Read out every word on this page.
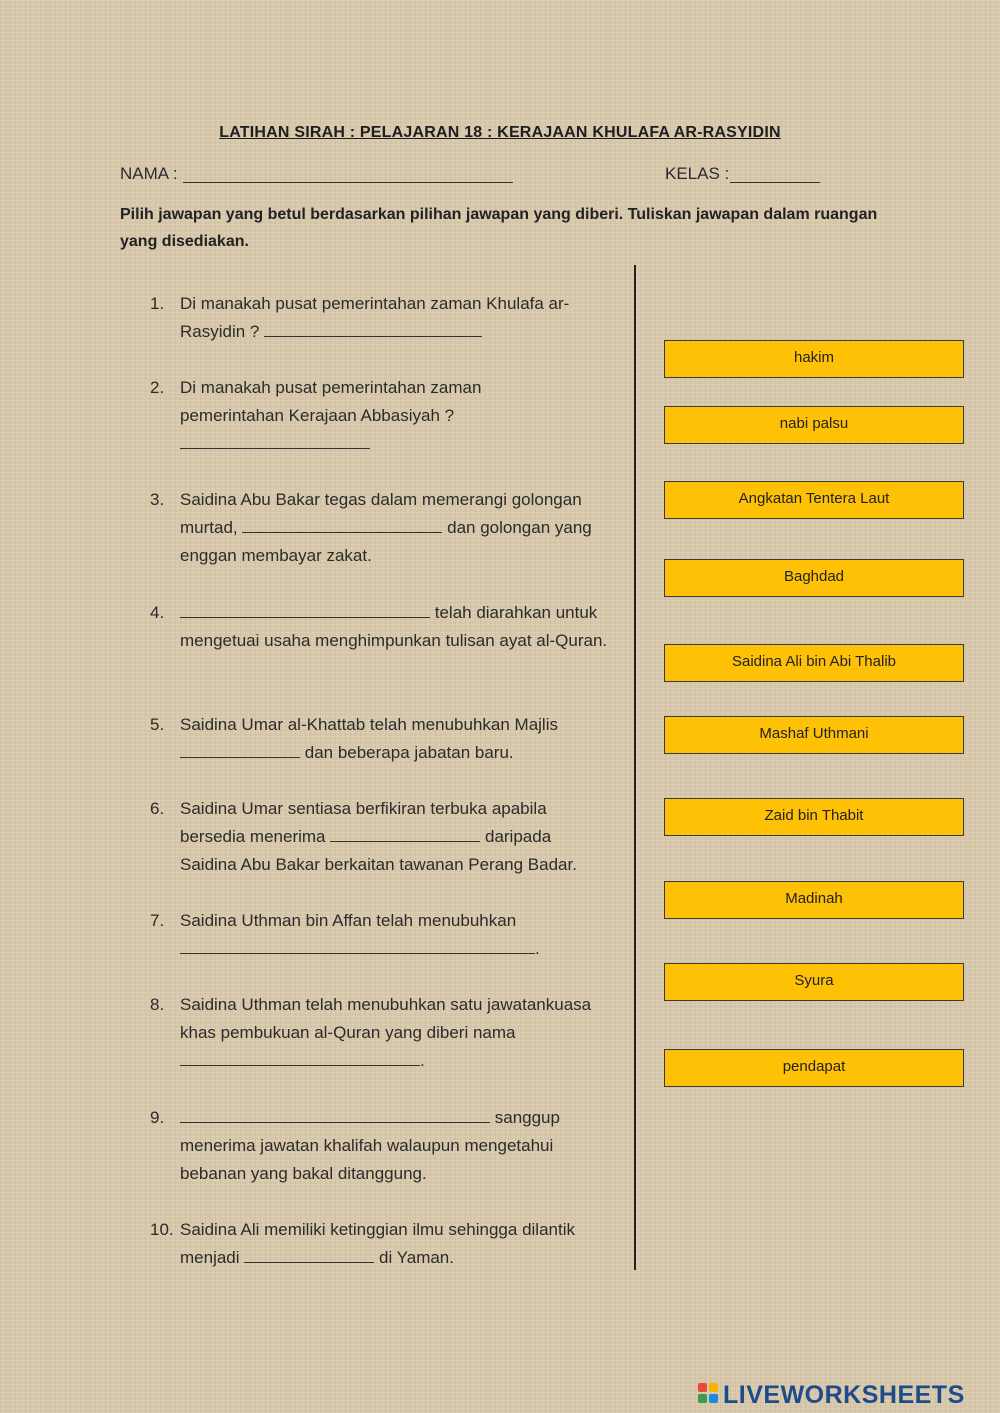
LATIHAN SIRAH : PELAJARAN 18 : KERAJAAN KHULAFA AR-RASYIDIN
NAMA :	KELAS :
Pilih jawapan yang betul berdasarkan pilihan jawapan yang diberi. Tuliskan jawapan dalam ruangan yang disediakan.
1. Di manakah pusat pemerintahan zaman Khulafa ar-Rasyidin ?
2. Di manakah pusat pemerintahan zaman pemerintahan Kerajaan Abbasiyah ?
3. Saidina Abu Bakar tegas dalam memerangi golongan murtad,	dan golongan yang enggan membayar zakat.
4.	telah diarahkan untuk mengetuai usaha menghimpunkan tulisan ayat al-Quran.
5. Saidina Umar al-Khattab telah menubuhkan Majlis  dan beberapa jabatan baru.
6. Saidina Umar sentiasa berfikiran terbuka apabila bersedia menerima	daripada Saidina Abu Bakar berkaitan tawanan Perang Badar.
7. Saidina Uthman bin Affan telah menubuhkan .
8. Saidina Uthman telah menubuhkan satu jawatankuasa khas pembukuan al-Quran yang diberi nama .
9.	sanggup menerima jawatan khalifah walaupun mengetahui bebanan yang bakal ditanggung.
10. Saidina Ali memiliki ketinggian ilmu sehingga dilantik menjadi	di Yaman.
hakim
nabi palsu
Angkatan Tentera Laut
Baghdad
Saidina Ali bin Abi Thalib
Mashaf Uthmani
Zaid bin Thabit
Madinah
Syura
pendapat
LIVEWORKSHEETS
